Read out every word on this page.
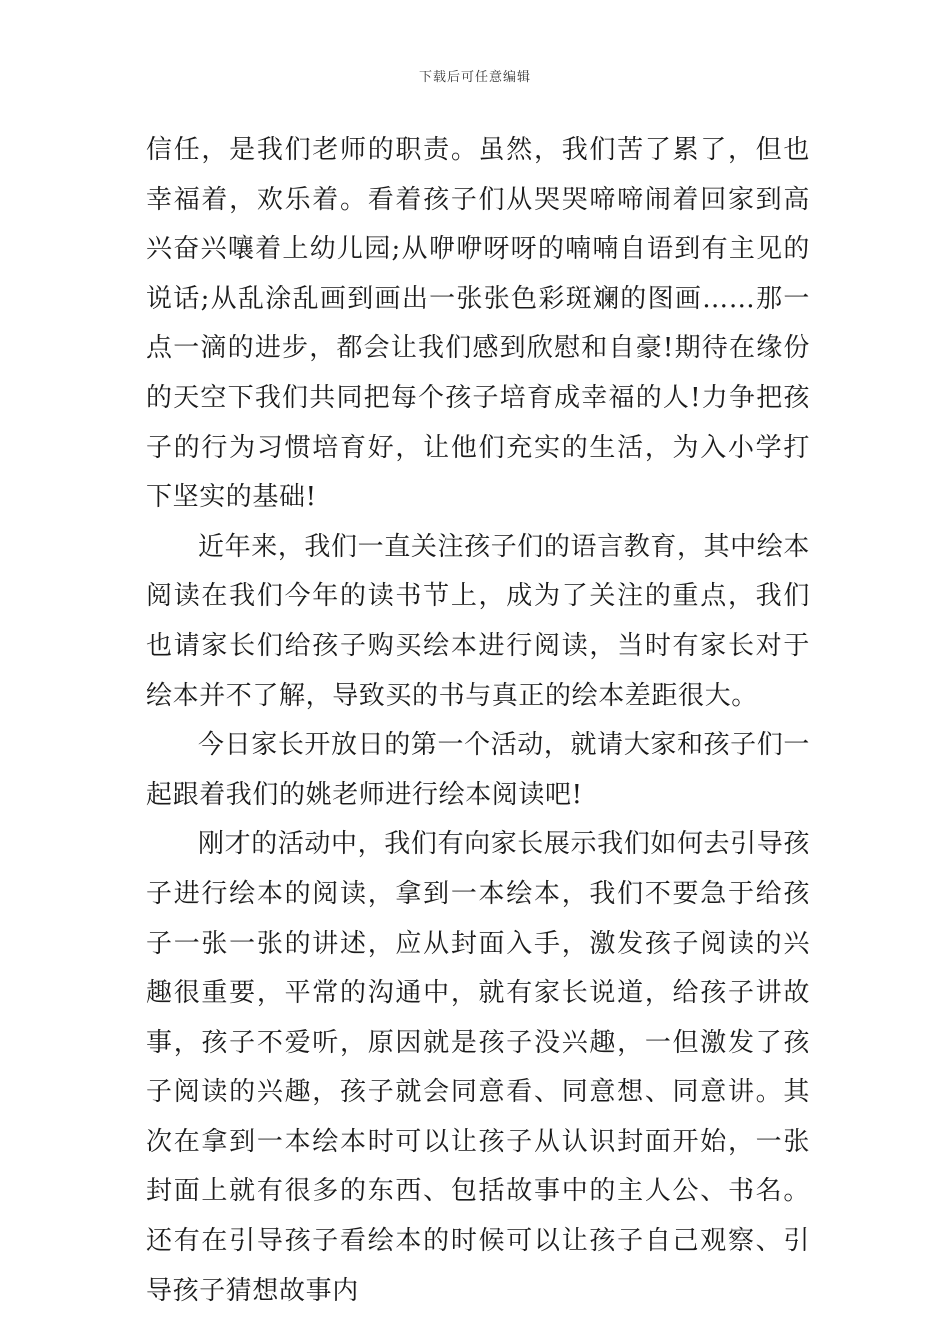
下载后可任意编辑

信任，是我们老师的职责。虽然，我们苦了累了，但也幸福着，欢乐着。看着孩子们从哭哭啼啼闹着回家到高兴奋兴嚷着上幼儿园;从咿咿呀呀的喃喃自语到有主见的说话;从乱涂乱画到画出一张张色彩斑斓的图画……那一点一滴的进步，都会让我们感到欣慰和自豪!期待在缘份的天空下我们共同把每个孩子培育成幸福的人!力争把孩子的行为习惯培育好，让他们充实的生活，为入小学打下坚实的基础!

近年来，我们一直关注孩子们的语言教育，其中绘本阅读在我们今年的读书节上，成为了关注的重点，我们也请家长们给孩子购买绘本进行阅读，当时有家长对于绘本并不了解，导致买的书与真正的绘本差距很大。

今日家长开放日的第一个活动，就请大家和孩子们一起跟着我们的姚老师进行绘本阅读吧!

刚才的活动中，我们有向家长展示我们如何去引导孩子进行绘本的阅读，拿到一本绘本，我们不要急于给孩子一张一张的讲述，应从封面入手，激发孩子阅读的兴趣很重要，平常的沟通中，就有家长说道，给孩子讲故事，孩子不爱听，原因就是孩子没兴趣，一但激发了孩子阅读的兴趣，孩子就会同意看、同意想、同意讲。其次在拿到一本绘本时可以让孩子从认识封面开始，一张封面上就有很多的东西、包括故事中的主人公、书名。还有在引导孩子看绘本的时候可以让孩子自己观察、引导孩子猜想故事内
